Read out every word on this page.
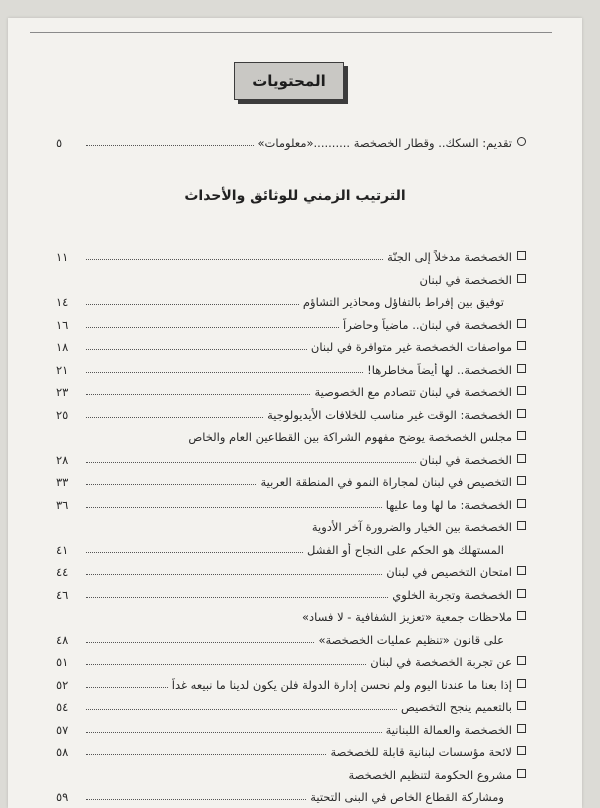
المحتويات
تقديم: السكك.. وقطار الخصخصة ..........«معلومات»
٥
الترتيب الزمني للوثائق والأحداث
الخصخصة مدخلاً إلى الجنّة
١١
الخصخصة في لبنان
توفيق بين إفراط بالتفاؤل ومحاذير التشاؤم
١٤
الخصخصة في لبنان.. ماضياً وحاضراً
١٦
مواصفات الخصخصة غير متوافرة في لبنان
١٨
الخصخصة.. لها أيضاً مخاطرها!
٢١
الخصخصة في لبنان تتصادم مع الخصوصية
٢٣
الخصخصة: الوقت غير مناسب للخلافات الأيديولوجية
٢٥
مجلس الخصخصة يوضح مفهوم الشراكة بين القطاعين العام والخاص
الخصخصة في لبنان
٢٨
التخصيص في لبنان لمجاراة النمو في المنطقة العربية
٣٣
الخصخصة: ما لها وما عليها
٣٦
الخصخصة بين الخيار والضرورة آخر الأدوية
المستهلك هو الحكم على النجاح أو الفشل
٤١
امتحان التخصيص في لبنان
٤٤
الخصخصة وتجربة الخلوي
٤٦
ملاحظات جمعية «تعزيز الشفافية - لا فساد»
على قانون «تنظيم عمليات الخصخصة»
٤٨
عن تجربة الخصخصة في لبنان
٥١
إذا بعنا ما عندنا اليوم ولم نحسن إدارة الدولة فلن يكون لدينا ما نبيعه غداً
٥٢
بالتعميم ينجح التخصيص
٥٤
الخصخصة والعمالة اللبنانية
٥٧
لائحة مؤسسات لبنانية قابلة للخصخصة
٥٨
مشروع الحكومة لتنظيم الخصخصة
ومشاركة القطاع الخاص في البنى التحتية
٥٩
